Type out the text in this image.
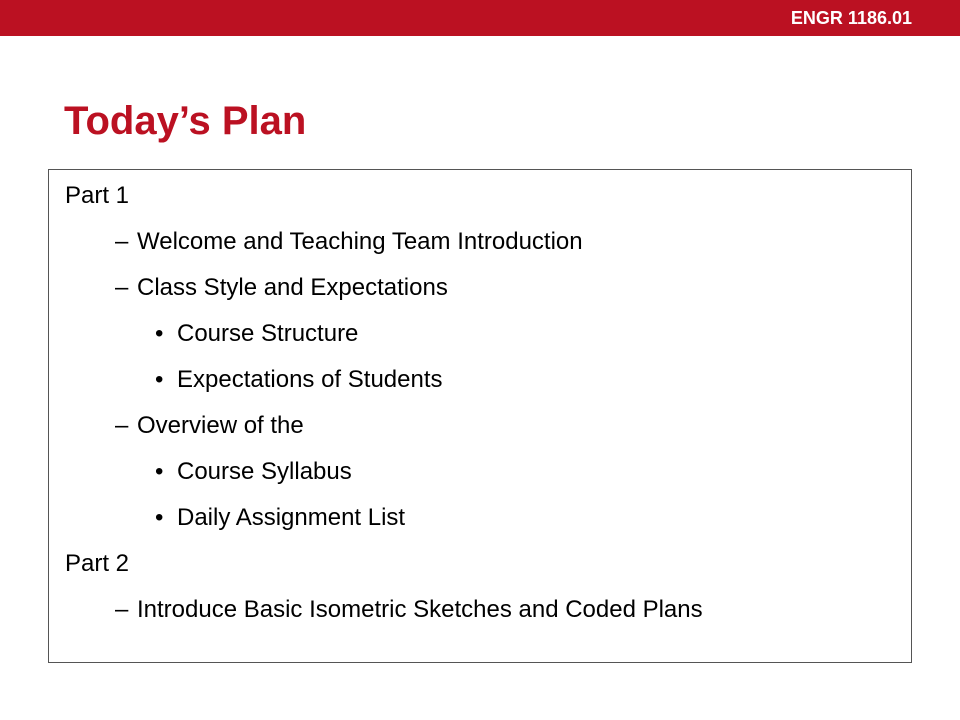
ENGR 1186.01
Today’s Plan
Part 1
– Welcome and Teaching Team Introduction
– Class Style and Expectations
• Course Structure
• Expectations of Students
– Overview of the
• Course Syllabus
• Daily Assignment List
Part 2
– Introduce Basic Isometric Sketches and Coded Plans
